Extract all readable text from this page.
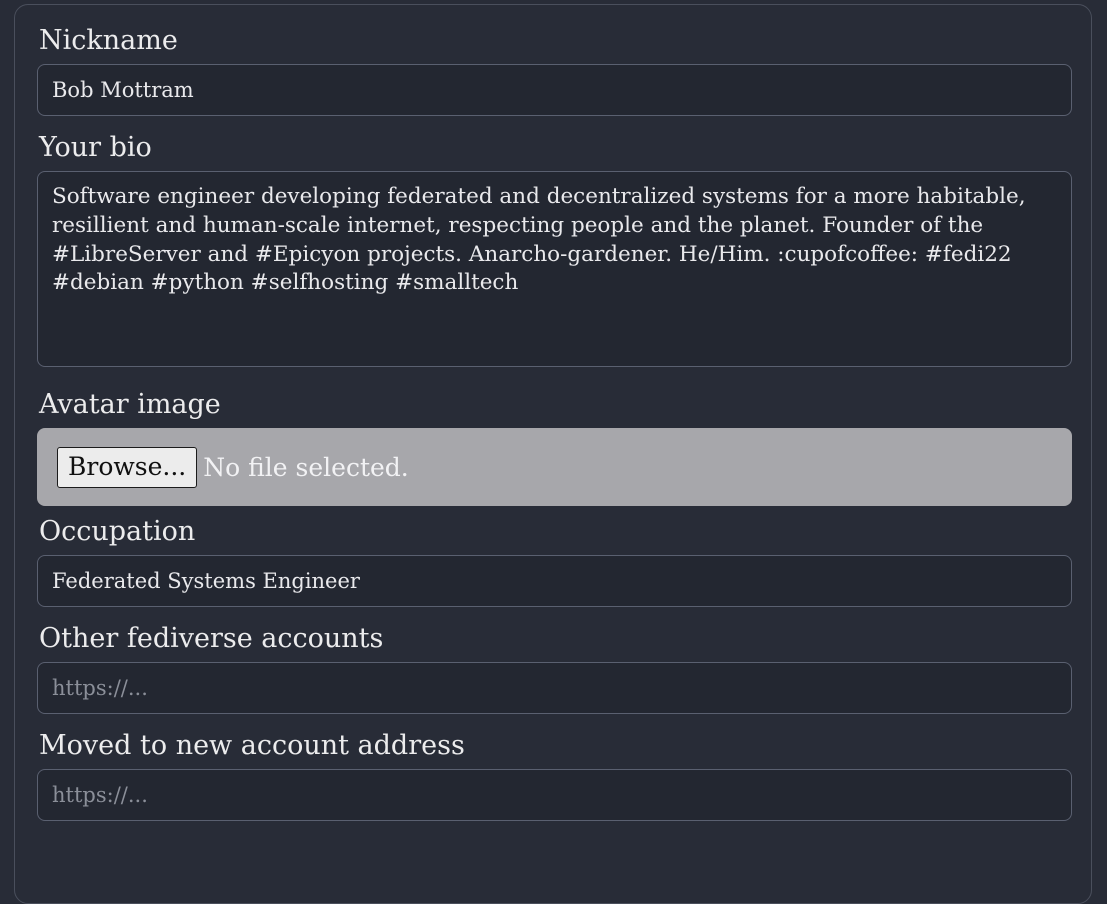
Nickname
Bob Mottram
Your bio
Software engineer developing federated and decentralized systems for a more habitable, resillient and human-scale internet, respecting people and the planet. Founder of the #LibreServer and #Epicyon projects. Anarcho-gardener. He/Him. :cupofcoffee: #fedi22 #debian #python #selfhosting #smalltech
Avatar image
Browse... No file selected.
Occupation
Federated Systems Engineer
Other fediverse accounts
https://...
Moved to new account address
https://...
